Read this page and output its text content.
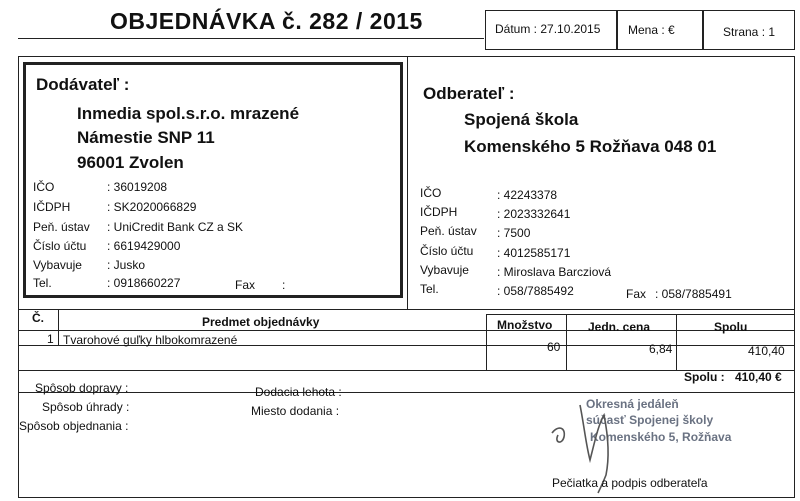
OBJEDNÁVKA č. 282 / 2015	Dátum : 27.10.2015 Mena : €	Strana : 1
Dodávateľ :
Inmedia spol.s.r.o. mrazené
Námestie SNP 11
96001 Zvolen
IČO	: 36019208
IČDPH	: SK2020066829
Peň. ústav : UniCredit Bank CZ a SK
Číslo účtu : 6619429000
Vybavuje : Jusko
Tel.	: 0918660227	Fax :
Odberateľ :
Spojená škola
Komenského 5 Rožňava 048 01
IČO	: 42243378
IČDPH	: 2023332641
Peň. ústav : 7500
Číslo účtu : 4012585171
Vybavuje : Miroslava Barcziová
Tel.	: 058/7885492	Fax : 058/7885491
Č.	Predmet objednávky	Množstvo	Jedn. cena	Spolu
1 Tvarohové guľky hlbokomrazené	60	6,84	410,40
Spolu : 410,40 €
Spôsob dopravy :
Spôsob úhrady :
Spôsob objednania :
Dodacia lehota :
Miesto dodania :	Okresná jedáleň
súčasť Spojenej školy
Komenského 5, Rožňava
Pečiatka a podpis odberateľa
